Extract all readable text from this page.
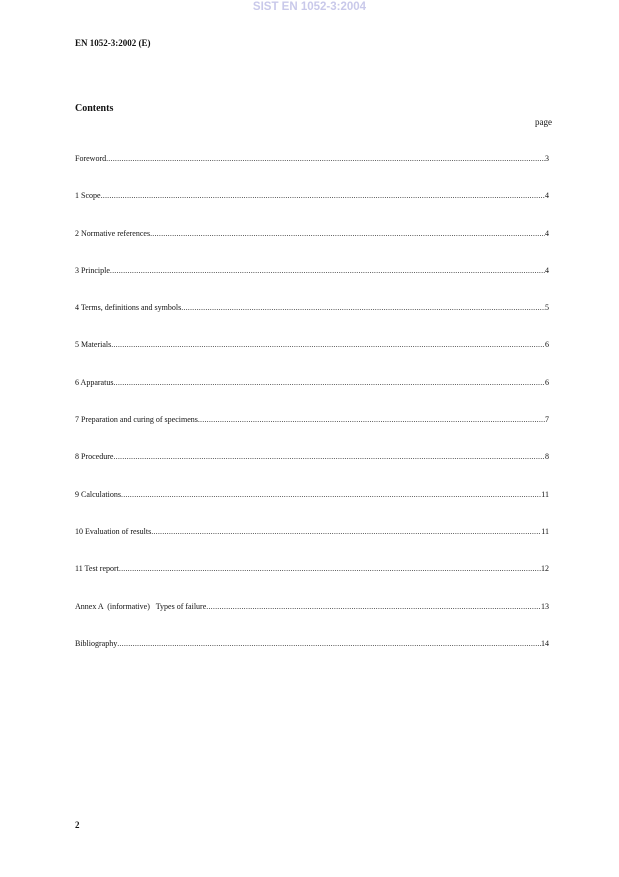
SIST EN 1052-3:2004
EN 1052-3:2002 (E)
Contents
page
Foreword .....	3
1 Scope .....	4
2 Normative references .....	4
3 Principle .....	4
4 Terms, definitions and symbols .....	5
5 Materials .....	6
6 Apparatus .....	6
7 Preparation and curing of specimens .....	7
8 Procedure .....	8
9 Calculations .....	11
10 Evaluation of results .....	11
11 Test report .....	12
Annex A  (informative)   Types of failure .....	13
Bibliography .....	14
2
